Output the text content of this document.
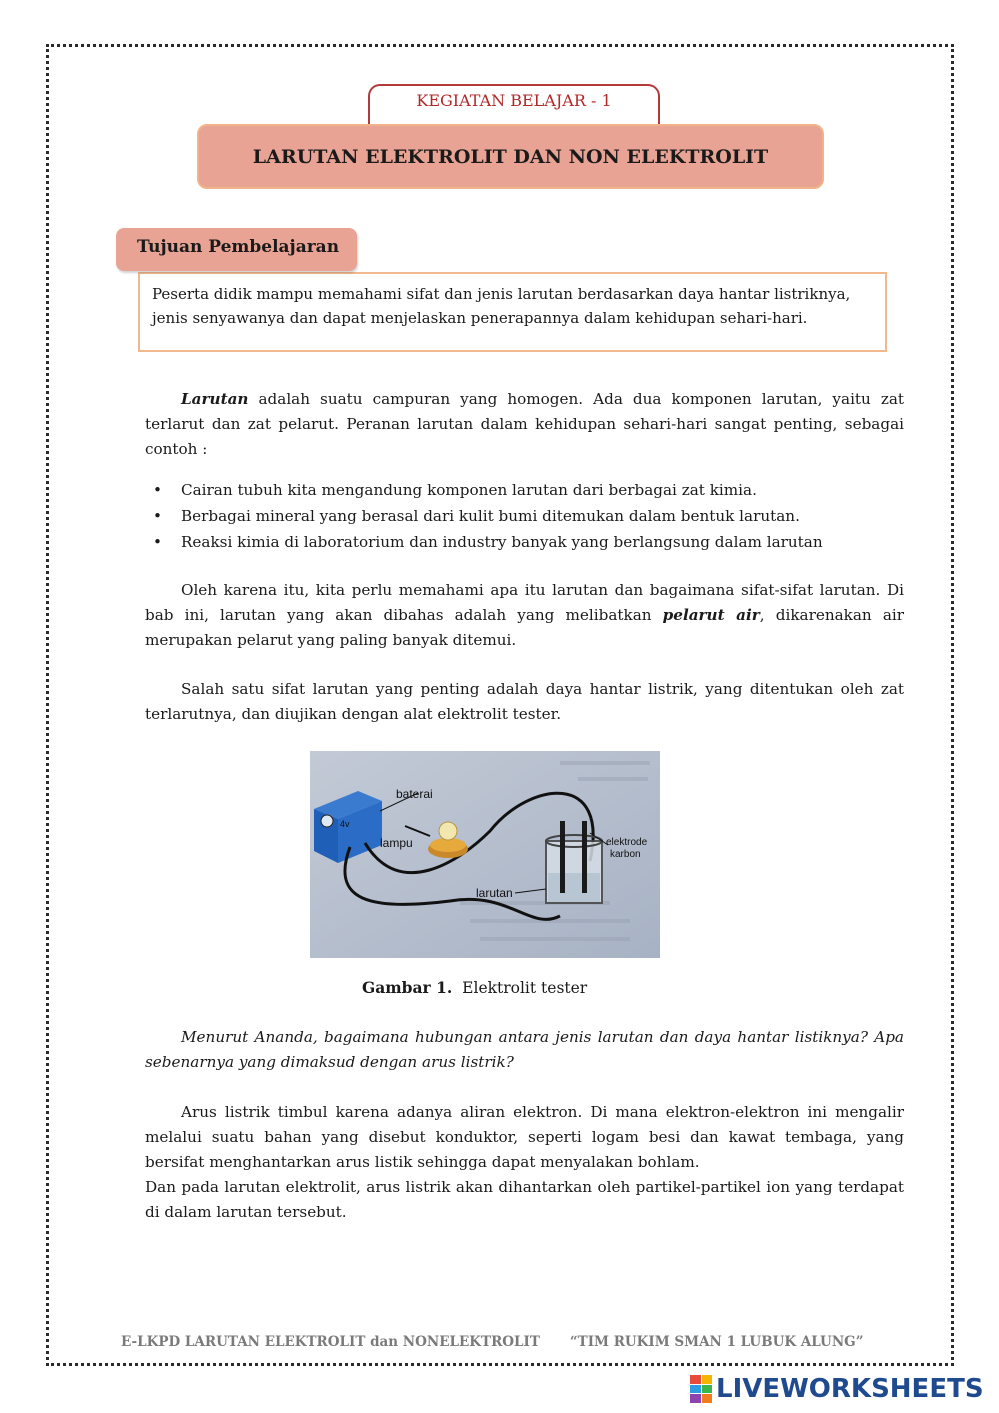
KEGIATAN BELAJAR - 1
LARUTAN ELEKTROLIT DAN NON ELEKTROLIT
Tujuan Pembelajaran
Peserta didik mampu memahami sifat dan jenis larutan berdasarkan daya hantar listriknya,
jenis senyawanya dan dapat menjelaskan penerapannya dalam kehidupan sehari-hari.
Larutan adalah suatu campuran yang homogen. Ada dua komponen larutan, yaitu zat terlarut dan zat pelarut. Peranan larutan dalam kehidupan sehari-hari sangat penting, sebagai contoh :
• Cairan tubuh kita mengandung komponen larutan dari berbagai zat kimia.
• Berbagai mineral yang berasal dari kulit bumi ditemukan dalam bentuk larutan.
• Reaksi kimia di laboratorium dan industry banyak yang berlangsung dalam larutan
Oleh karena itu, kita perlu memahami apa itu larutan dan bagaimana sifat-sifat larutan. Di bab ini, larutan yang akan dibahas adalah yang melibatkan pelarut air, dikarenakan air merupakan pelarut yang paling banyak ditemui.
Salah satu sifat larutan yang penting adalah daya hantar listrik, yang ditentukan oleh zat terlarutnya, dan diujikan dengan alat elektrolit tester.
4v
baterai
lampu	elektrode
karbon
larutan
Gambar 1. Elektrolit tester
Menurut Ananda, bagaimana hubungan antara jenis larutan dan daya hantar listiknya? Apa sebenarnya yang dimaksud dengan arus listrik?
Arus listrik timbul karena adanya aliran elektron. Di mana elektron-elektron ini mengalir melalui suatu bahan yang disebut konduktor, seperti logam besi dan kawat tembaga, yang bersifat menghantarkan arus listik sehingga dapat menyalakan bohlam.
Dan pada larutan elektrolit, arus listrik akan dihantarkan oleh partikel-partikel ion yang terdapat di dalam larutan tersebut.
E-LKPD LARUTAN ELEKTROLIT dan NONELEKTROLIT “TIM RUKIM SMAN 1 LUBUK ALUNG”
LIVEWORKSHEETS
